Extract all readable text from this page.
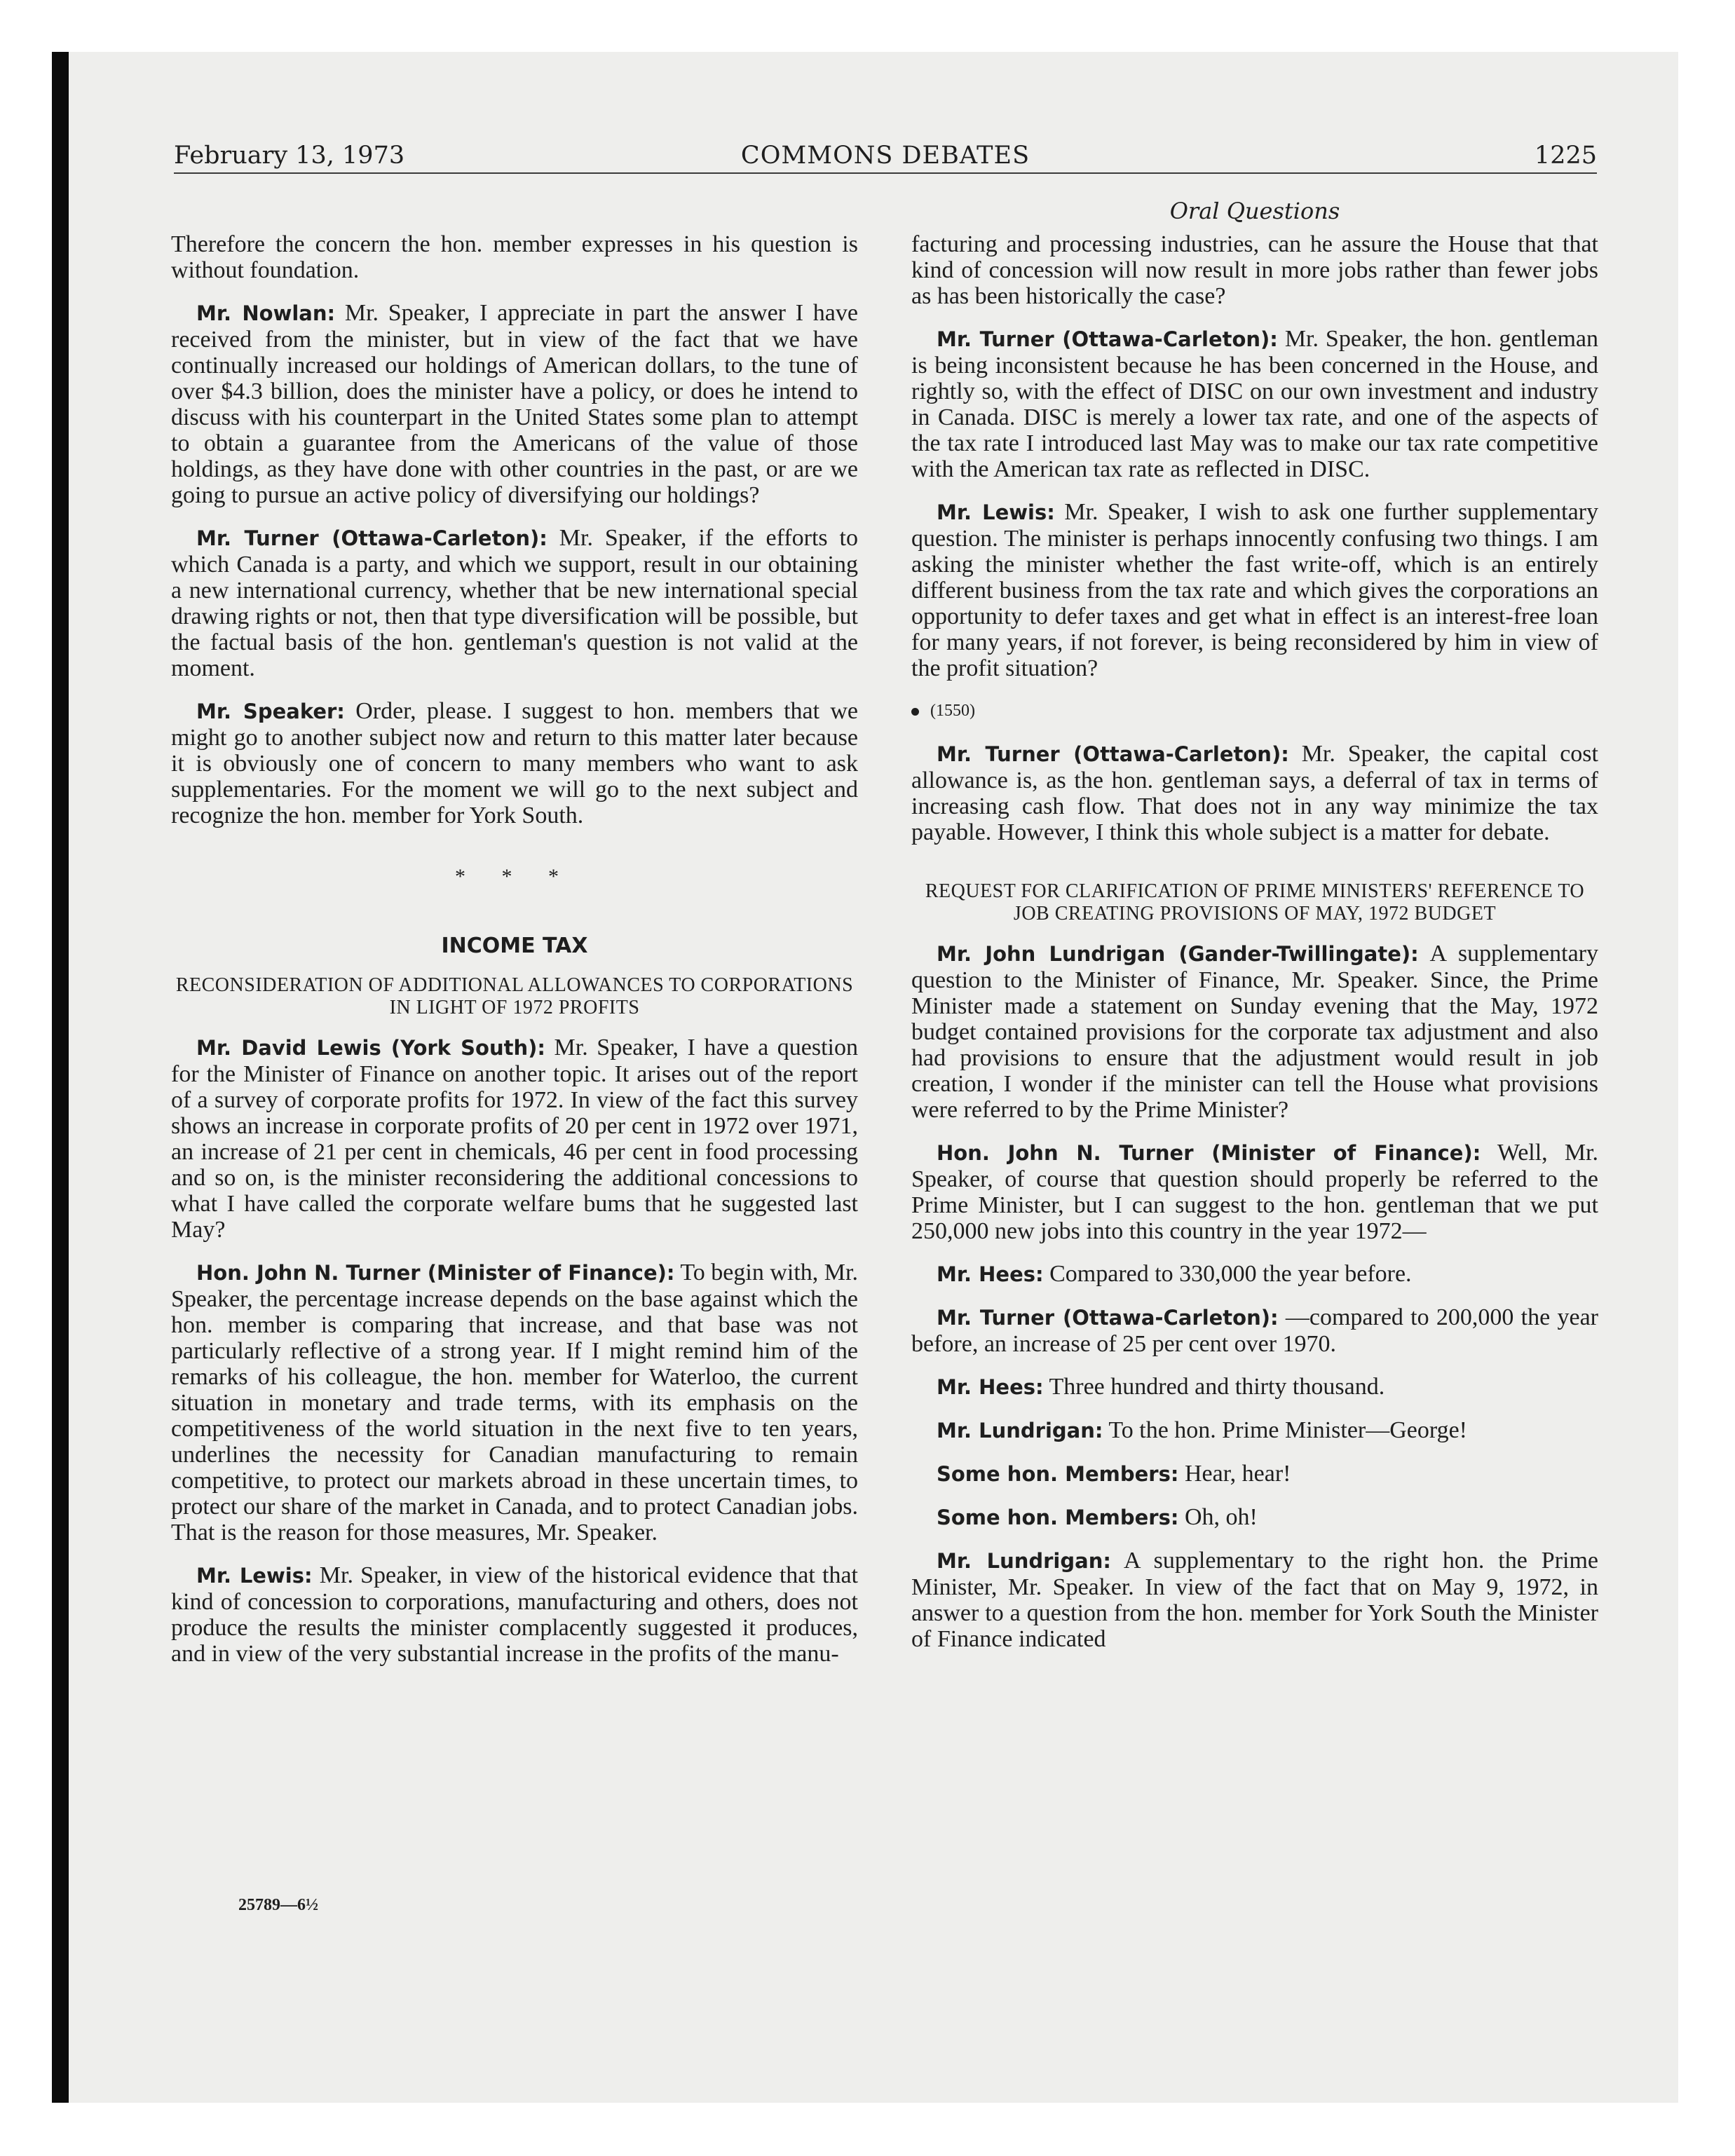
February 13, 1973	COMMONS DEBATES	1225
Oral Questions

Therefore the concern the hon. member expresses in his question is without foundation.

Mr. Nowlan: Mr. Speaker, I appreciate in part the answer I have received from the minister, but in view of the fact that we have continually increased our holdings of American dollars, to the tune of over $4.3 billion, does the minister have a policy, or does he intend to discuss with his counterpart in the United States some plan to attempt to obtain a guarantee from the Americans of the value of those holdings, as they have done with other countries in the past, or are we going to pursue an active policy of diversifying our holdings?

Mr. Turner (Ottawa-Carleton): Mr. Speaker, if the efforts to which Canada is a party, and which we support, result in our obtaining a new international currency, whether that be new international special drawing rights or not, then that type diversification will be possible, but the factual basis of the hon. gentleman's question is not valid at the moment.

Mr. Speaker: Order, please. I suggest to hon. members that we might go to another subject now and return to this matter later because it is obviously one of concern to many members who want to ask supplementaries. For the moment we will go to the next subject and recognize the hon. member for York South.

* * *
INCOME TAX
RECONSIDERATION OF ADDITIONAL ALLOWANCES TO CORPORATIONS IN LIGHT OF 1972 PROFITS

Mr. David Lewis (York South): Mr. Speaker, I have a question for the Minister of Finance on another topic. It arises out of the report of a survey of corporate profits for 1972. In view of the fact this survey shows an increase in corporate profits of 20 per cent in 1972 over 1971, an increase of 21 per cent in chemicals, 46 per cent in food processing and so on, is the minister reconsidering the additional concessions to what I have called the corporate welfare bums that he suggested last May?

Hon. John N. Turner (Minister of Finance): To begin with, Mr. Speaker, the percentage increase depends on the base against which the hon. member is comparing that increase, and that base was not particularly reflective of a strong year. If I might remind him of the remarks of his colleague, the hon. member for Waterloo, the current situation in monetary and trade terms, with its emphasis on the competitiveness of the world situation in the next five to ten years, underlines the necessity for Canadian manufacturing to remain competitive, to protect our markets abroad in these uncertain times, to protect our share of the market in Canada, and to protect Canadian jobs. That is the reason for those measures, Mr. Speaker.

Mr. Lewis: Mr. Speaker, in view of the historical evidence that that kind of concession to corporations, manufacturing and others, does not produce the results the minister complacently suggested it produces, and in view of the very substantial increase in the profits of the manu-

facturing and processing industries, can he assure the House that that kind of concession will now result in more jobs rather than fewer jobs as has been historically the case?

Mr. Turner (Ottawa-Carleton): Mr. Speaker, the hon. gentleman is being inconsistent because he has been concerned in the House, and rightly so, with the effect of DISC on our own investment and industry in Canada. DISC is merely a lower tax rate, and one of the aspects of the tax rate I introduced last May was to make our tax rate competitive with the American tax rate as reflected in DISC.

Mr. Lewis: Mr. Speaker, I wish to ask one further supplementary question. The minister is perhaps innocently confusing two things. I am asking the minister whether the fast write-off, which is an entirely different business from the tax rate and which gives the corporations an opportunity to defer taxes and get what in effect is an interest-free loan for many years, if not forever, is being reconsidered by him in view of the profit situation?

(1550)

Mr. Turner (Ottawa-Carleton): Mr. Speaker, the capital cost allowance is, as the hon. gentleman says, a deferral of tax in terms of increasing cash flow. That does not in any way minimize the tax payable. However, I think this whole subject is a matter for debate.

REQUEST FOR CLARIFICATION OF PRIME MINISTERS' REFERENCE TO JOB CREATING PROVISIONS OF MAY, 1972 BUDGET

Mr. John Lundrigan (Gander-Twillingate): A supplementary question to the Minister of Finance, Mr. Speaker. Since, the Prime Minister made a statement on Sunday evening that the May, 1972 budget contained provisions for the corporate tax adjustment and also had provisions to ensure that the adjustment would result in job creation, I wonder if the minister can tell the House what provisions were referred to by the Prime Minister?

Hon. John N. Turner (Minister of Finance): Well, Mr. Speaker, of course that question should properly be referred to the Prime Minister, but I can suggest to the hon. gentleman that we put 250,000 new jobs into this country in the year 1972—

Mr. Hees: Compared to 330,000 the year before.

Mr. Turner (Ottawa-Carleton): —compared to 200,000 the year before, an increase of 25 per cent over 1970.

Mr. Hees: Three hundred and thirty thousand.

Mr. Lundrigan: To the hon. Prime Minister—George!

Some hon. Members: Hear, hear!

Some hon. Members: Oh, oh!

Mr. Lundrigan: A supplementary to the right hon. the Prime Minister, Mr. Speaker. In view of the fact that on May 9, 1972, in answer to a question from the hon. member for York South the Minister of Finance indicated

25789—6½
